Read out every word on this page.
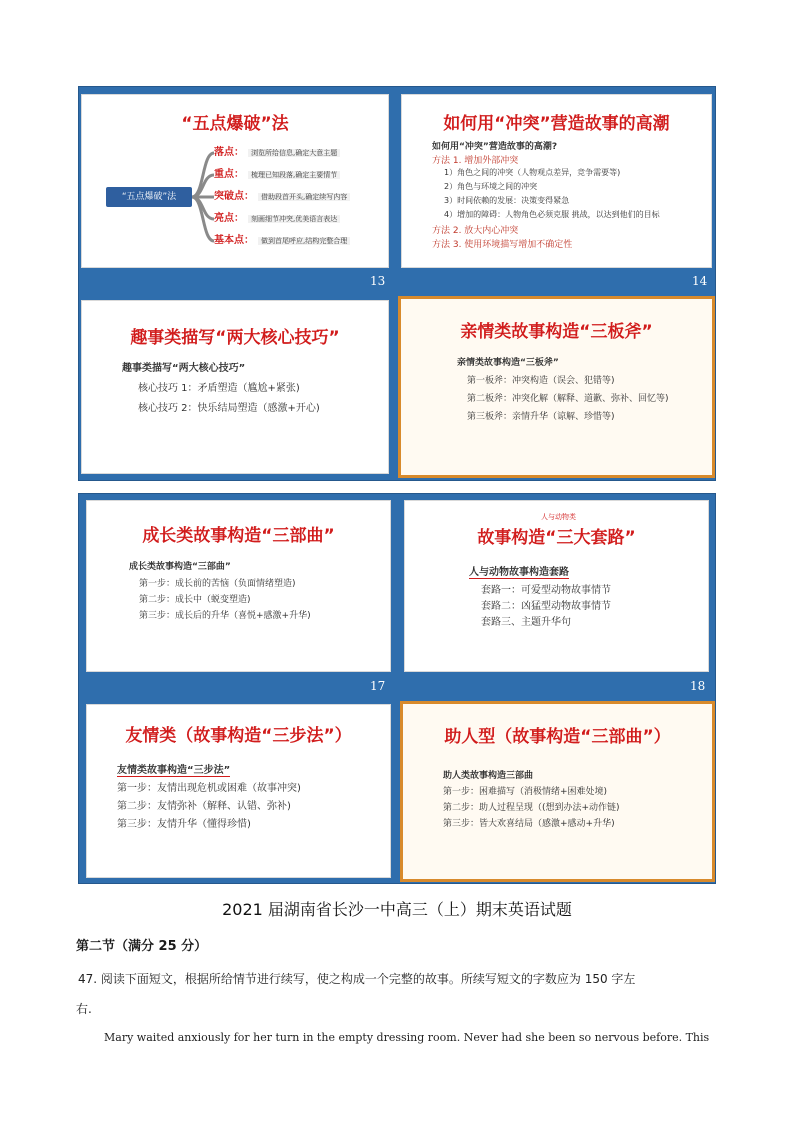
“五点爆破”法
“五点爆破”法
落点： 浏览所给信息,确定大意主题
重点： 梳理已知段落,确定主要情节
突破点： 借助段首开头,确定续写内容
亮点： 刻画细节冲突,优美语言表达
基本点： 做到首尾呼应,结构完整合理
13
如何用“冲突”营造故事的高潮
如何用“冲突”营造故事的高潮?
方法 1. 增加外部冲突
1）角色之间的冲突（人物观点差异，竞争需要等)
2）角色与环境之间的冲突
3）时间依赖的发展：决策变得紧急
4）增加的障碍：人物角色必须克服 挑战，以达到他们的目标
方法 2. 放大内心冲突
方法 3. 使用环境描写增加不确定性
14
趣事类描写“两大核心技巧”
趣事类描写“两大核心技巧”
核心技巧 1：矛盾塑造（尴尬+紧张)
核心技巧 2：快乐结局塑造（感激+开心)
亲情类故事构造“三板斧”
亲情类故事构造“三板斧”
第一板斧：冲突构造（误会、犯错等)
第二板斧：冲突化解（解释、道歉、弥补、回忆等)
第三板斧：亲情升华（谅解、珍惜等)
成长类故事构造“三部曲”
成长类故事构造“三部曲”
第一步：成长前的苦恼（负面情绪塑造)
第二步：成长中（蜕变塑造)
第三步：成长后的升华（喜悦+感激+升华)
17
人与动物类
故事构造“三大套路”
人与动物故事构造套路
套路一：可爱型动物故事情节
套路二：凶猛型动物故事情节
套路三、主题升华句
18
友情类（故事构造“三步法”）
友情类故事构造“三步法”
第一步：友情出现危机或困难（故事冲突)
第二步：友情弥补（解释、认错、弥补)
第三步：友情升华（懂得珍惜)
助人型（故事构造“三部曲”）
助人类故事构造三部曲
第一步：困难描写（消极情绪+困难处境)
第二步：助人过程呈现（(想到办法+动作链)
第三步：皆大欢喜结局（感激+感动+升华)
2021 届湖南省长沙一中高三（上）期末英语试题
第二节（满分 25 分）
47. 阅读下面短文，根据所给情节进行续写，使之构成一个完整的故事。所续写短文的字数应为 150 字左
右.
Mary waited anxiously for her turn in the empty dressing room. Never had she been so nervous before. This
